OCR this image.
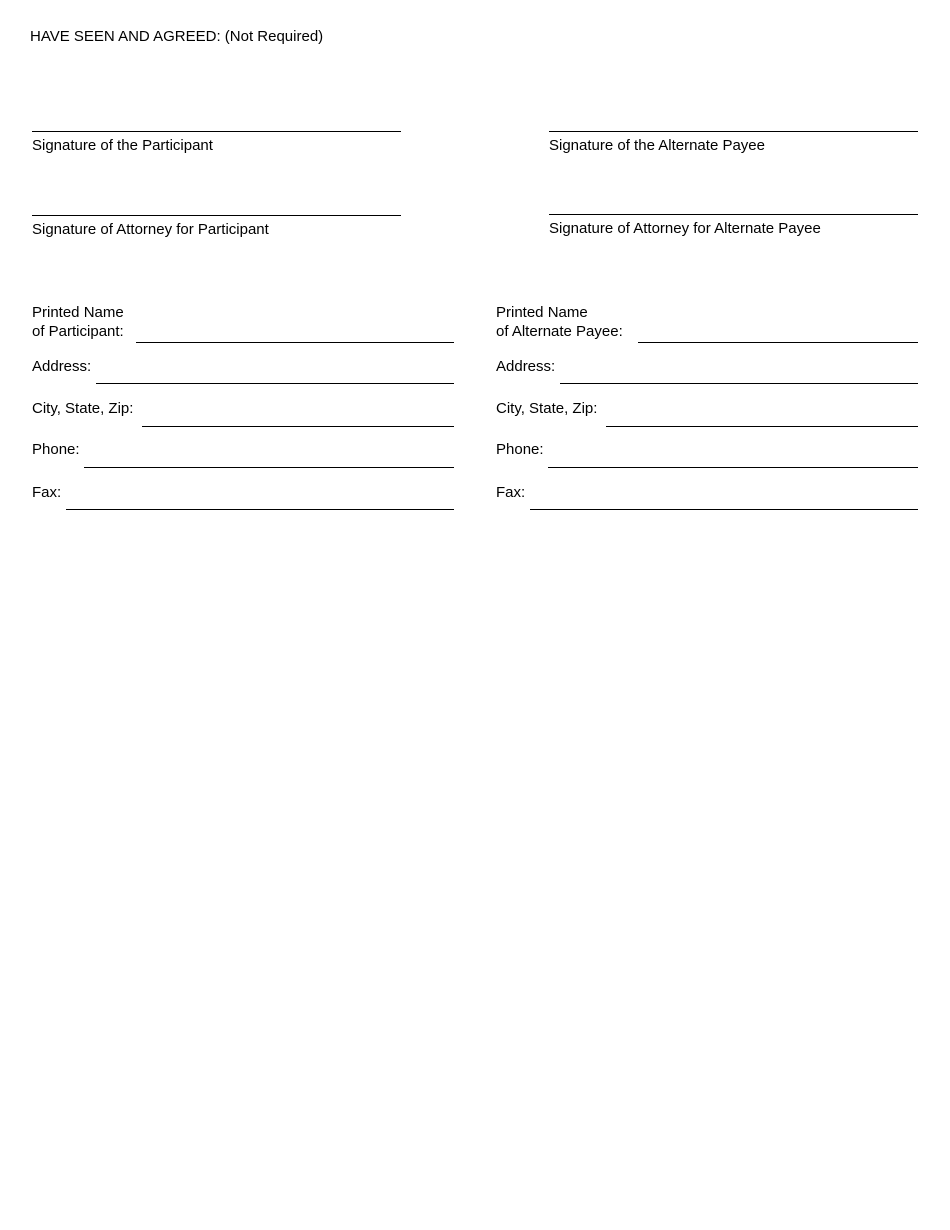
HAVE SEEN AND AGREED: (Not Required)
Signature of the Participant	Signature of the Alternate Payee
Signature of Attorney for Participant	Signature of Attorney for Alternate Payee
Printed Name
of Participant:
Address:
City, State, Zip:
Phone:
Fax:
Printed Name
of Alternate Payee:
Address:
City, State, Zip:
Phone:
Fax:
